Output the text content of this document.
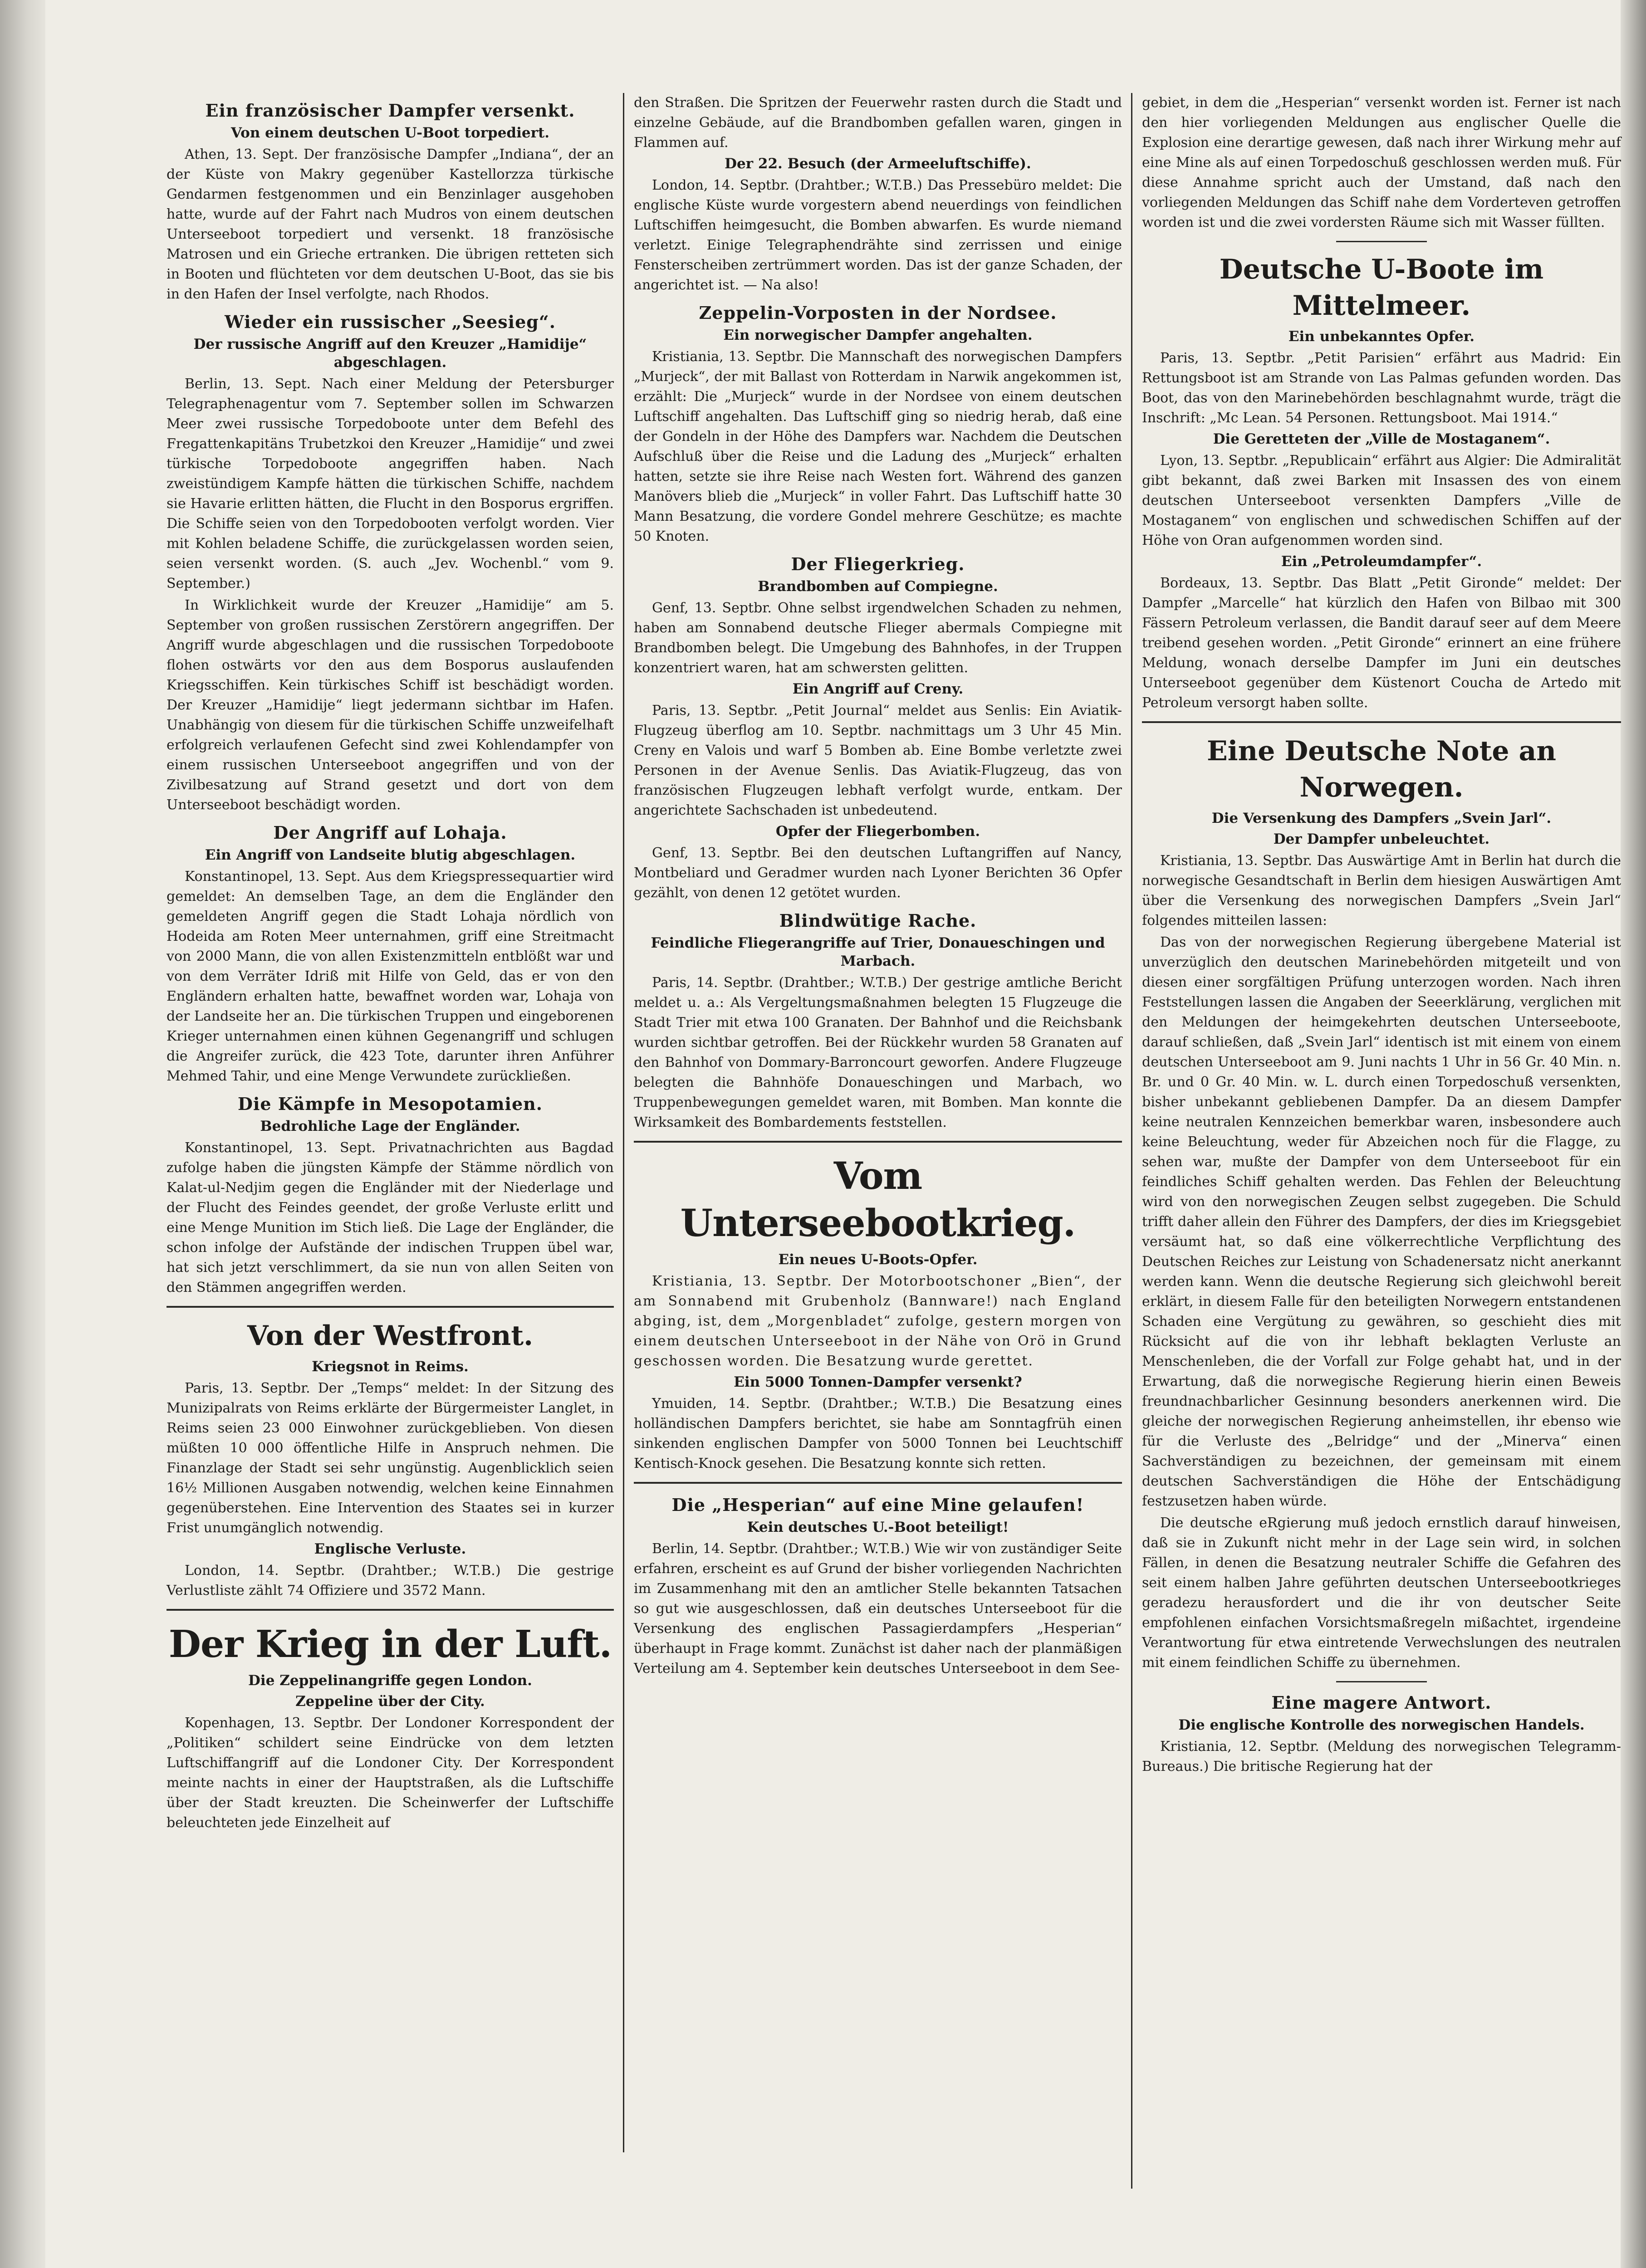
Ein französischer Dampfer versenkt.
Von einem deutschen U-Boot torpediert.

Athen, 13. Sept. Der französische Dampfer „Indiana“, der an der Küste von Makry gegenüber Kastellorzza türkische Gendarmen festgenommen und ein Benzinlager ausgehoben hatte, wurde auf der Fahrt nach Mudros von einem deutschen Unterseeboot torpediert und versenkt. 18 französische Matrosen und ein Grieche ertranken. Die übrigen retteten sich in Booten und flüchteten vor dem deutschen U-Boot, das sie bis in den Hafen der Insel verfolgte, nach Rhodos.

Wieder ein russischer „Seesieg“.
Der russische Angriff auf den Kreuzer „Hamidije“ abgeschlagen.

Berlin, 13. Sept. Nach einer Meldung der Petersburger Telegraphenagentur vom 7. September sollen im Schwarzen Meer zwei russische Torpedoboote unter dem Befehl des Fregattenkapitäns Trubetzkoi den Kreuzer „Hamidije“ und zwei türkische Torpedoboote angegriffen haben. Nach zweistündigem Kampfe hätten die türkischen Schiffe, nachdem sie Havarie erlitten hätten, die Flucht in den Bosporus ergriffen. Die Schiffe seien von den Torpedobooten verfolgt worden. Vier mit Kohlen beladene Schiffe, die zurückgelassen worden seien, seien versenkt worden. (S. auch „Jev. Wochenbl.“ vom 9. September.)

In Wirklichkeit wurde der Kreuzer „Hamidije“ am 5. September von großen russischen Zerstörern angegriffen. Der Angriff wurde abgeschlagen und die russischen Torpedoboote flohen ostwärts vor den aus dem Bosporus auslaufenden Kriegsschiffen. Kein türkisches Schiff ist beschädigt worden. Der Kreuzer „Hamidije“ liegt jedermann sichtbar im Hafen. Unabhängig von diesem für die türkischen Schiffe unzweifelhaft erfolgreich verlaufenen Gefecht sind zwei Kohlendampfer von einem russischen Unterseeboot angegriffen und von der Zivilbesatzung auf Strand gesetzt und dort von dem Unterseeboot beschädigt worden.

Der Angriff auf Lohaja.
Ein Angriff von Landseite blutig abgeschlagen.

Konstantinopel, 13. Sept. Aus dem Kriegspressequartier wird gemeldet: An demselben Tage, an dem die Engländer den gemeldeten Angriff gegen die Stadt Lohaja nördlich von Hodeida am Roten Meer unternahmen, griff eine Streitmacht von 2000 Mann, die von allen Existenzmitteln entblößt war und von dem Verräter Idriß mit Hilfe von Geld, das er von den Engländern erhalten hatte, bewaffnet worden war, Lohaja von der Landseite her an. Die türkischen Truppen und eingeborenen Krieger unternahmen einen kühnen Gegenangriff und schlugen die Angreifer zurück, die 423 Tote, darunter ihren Anführer Mehmed Tahir, und eine Menge Verwundete zurückließen.

Die Kämpfe in Mesopotamien.
Bedrohliche Lage der Engländer.

Konstantinopel, 13. Sept. Privatnachrichten aus Bagdad zufolge haben die jüngsten Kämpfe der Stämme nördlich von Kalat-ul-Nedjim gegen die Engländer mit der Niederlage und der Flucht des Feindes geendet, der große Verluste erlitt und eine Menge Munition im Stich ließ. Die Lage der Engländer, die schon infolge der Aufstände der indischen Truppen übel war, hat sich jetzt verschlimmert, da sie nun von allen Seiten von den Stämmen angegriffen werden.

Von der Westfront.
Kriegsnot in Reims.

Paris, 13. Septbr. Der „Temps“ meldet: In der Sitzung des Munizipalrats von Reims erklärte der Bürgermeister Langlet, in Reims seien 23 000 Einwohner zurückgeblieben. Von diesen müßten 10 000 öffentliche Hilfe in Anspruch nehmen. Die Finanzlage der Stadt sei sehr ungünstig. Augenblicklich seien 16½ Millionen Ausgaben notwendig, welchen keine Einnahmen gegenüberstehen. Eine Intervention des Staates sei in kurzer Frist unumgänglich notwendig.

Englische Verluste.

London, 14. Septbr. (Drahtber.; W.T.B.) Die gestrige Verlustliste zählt 74 Offiziere und 3572 Mann.

Der Krieg in der Luft.
Die Zeppelinangriffe gegen London.
Zeppeline über der City.

Kopenhagen, 13. Septbr. Der Londoner Korrespondent der „Politiken“ schildert seine Eindrücke von dem letzten Luftschiffangriff auf die Londoner City. Der Korrespondent meinte nachts in einer der Hauptstraßen, als die Luftschiffe über der Stadt kreuzten. Die Scheinwerfer der Luftschiffe beleuchteten jede Einzelheit auf

den Straßen. Die Spritzen der Feuerwehr rasten durch die Stadt und einzelne Gebäude, auf die Brandbomben gefallen waren, gingen in Flammen auf.

Der 22. Besuch (der Armeeluftschiffe).

London, 14. Septbr. (Drahtber.; W.T.B.) Das Pressebüro meldet: Die englische Küste wurde vorgestern abend neuerdings von feindlichen Luftschiffen heimgesucht, die Bomben abwarfen. Es wurde niemand verletzt. Einige Telegraphendrähte sind zerrissen und einige Fensterscheiben zertrümmert worden. Das ist der ganze Schaden, der angerichtet ist. — Na also!

Zeppelin-Vorposten in der Nordsee.
Ein norwegischer Dampfer angehalten.

Kristiania, 13. Septbr. Die Mannschaft des norwegischen Dampfers „Murjeck“, der mit Ballast von Rotterdam in Narwik angekommen ist, erzählt: Die „Murjeck“ wurde in der Nordsee von einem deutschen Luftschiff angehalten. Das Luftschiff ging so niedrig herab, daß eine der Gondeln in der Höhe des Dampfers war. Nachdem die Deutschen Aufschluß über die Reise und die Ladung des „Murjeck“ erhalten hatten, setzte sie ihre Reise nach Westen fort. Während des ganzen Manövers blieb die „Murjeck“ in voller Fahrt. Das Luftschiff hatte 30 Mann Besatzung, die vordere Gondel mehrere Geschütze; es machte 50 Knoten.

Der Fliegerkrieg.
Brandbomben auf Compiegne.

Genf, 13. Septbr. Ohne selbst irgendwelchen Schaden zu nehmen, haben am Sonnabend deutsche Flieger abermals Compiegne mit Brandbomben belegt. Die Umgebung des Bahnhofes, in der Truppen konzentriert waren, hat am schwersten gelitten.

Ein Angriff auf Creny.

Paris, 13. Septbr. „Petit Journal“ meldet aus Senlis: Ein Aviatik-Flugzeug überflog am 10. Septbr. nachmittags um 3 Uhr 45 Min. Creny en Valois und warf 5 Bomben ab. Eine Bombe verletzte zwei Personen in der Avenue Senlis. Das Aviatik-Flugzeug, das von französischen Flugzeugen lebhaft verfolgt wurde, entkam. Der angerichtete Sachschaden ist unbedeutend.

Opfer der Fliegerbomben.

Genf, 13. Septbr. Bei den deutschen Luftangriffen auf Nancy, Montbeliard und Geradmer wurden nach Lyoner Berichten 36 Opfer gezählt, von denen 12 getötet wurden.

Blindwütige Rache.
Feindliche Fliegerangriffe auf Trier, Donaueschingen und Marbach.

Paris, 14. Septbr. (Drahtber.; W.T.B.) Der gestrige amtliche Bericht meldet u. a.: Als Vergeltungsmaßnahmen belegten 15 Flugzeuge die Stadt Trier mit etwa 100 Granaten. Der Bahnhof und die Reichsbank wurden sichtbar getroffen. Bei der Rückkehr wurden 58 Granaten auf den Bahnhof von Dommary-Barroncourt geworfen. Andere Flugzeuge belegten die Bahnhöfe Donaueschingen und Marbach, wo Truppenbewegungen gemeldet waren, mit Bomben. Man konnte die Wirksamkeit des Bombardements feststellen.

Vom Unterseebootkrieg.
Ein neues U-Boots-Opfer.

Kristiania, 13. Septbr. Der Motorbootschoner „Bien“, der am Sonnabend mit Grubenholz (Bannware!) nach England abging, ist, dem „Morgenbladet“ zufolge, gestern morgen von einem deutschen Unterseeboot in der Nähe von Orö in Grund geschossen worden. Die Besatzung wurde gerettet.

Ein 5000 Tonnen-Dampfer versenkt?

Ymuiden, 14. Septbr. (Drahtber.; W.T.B.) Die Besatzung eines holländischen Dampfers berichtet, sie habe am Sonntagfrüh einen sinkenden englischen Dampfer von 5000 Tonnen bei Leuchtschiff Kentisch-Knock gesehen. Die Besatzung konnte sich retten.

Die „Hesperian“ auf eine Mine gelaufen!
Kein deutsches U.-Boot beteiligt!

Berlin, 14. Septbr. (Drahtber.; W.T.B.) Wie wir von zuständiger Seite erfahren, erscheint es auf Grund der bisher vorliegenden Nachrichten im Zusammenhang mit den an amtlicher Stelle bekannten Tatsachen so gut wie ausgeschlossen, daß ein deutsches Unterseeboot für die Versenkung des englischen Passagierdampfers „Hesperian“ überhaupt in Frage kommt. Zunächst ist daher nach der planmäßigen Verteilung am 4. September kein deutsches Unterseeboot in dem See-

gebiet, in dem die „Hesperian“ versenkt worden ist. Ferner ist nach den hier vorliegenden Meldungen aus englischer Quelle die Explosion eine derartige gewesen, daß nach ihrer Wirkung mehr auf eine Mine als auf einen Torpedoschuß geschlossen werden muß. Für diese Annahme spricht auch der Umstand, daß nach den vorliegenden Meldungen das Schiff nahe dem Vorderteven getroffen worden ist und die zwei vordersten Räume sich mit Wasser füllten.

Deutsche U-Boote im Mittelmeer.
Ein unbekanntes Opfer.

Paris, 13. Septbr. „Petit Parisien“ erfährt aus Madrid: Ein Rettungsboot ist am Strande von Las Palmas gefunden worden. Das Boot, das von den Marinebehörden beschlagnahmt wurde, trägt die Inschrift: „Mc Lean. 54 Personen. Rettungsboot. Mai 1914.“

Die Geretteten der „Ville de Mostaganem“.

Lyon, 13. Septbr. „Republicain“ erfährt aus Algier: Die Admiralität gibt bekannt, daß zwei Barken mit Insassen des von einem deutschen Unterseeboot versenkten Dampfers „Ville de Mostaganem“ von englischen und schwedischen Schiffen auf der Höhe von Oran aufgenommen worden sind.

Ein „Petroleumdampfer“.

Bordeaux, 13. Septbr. Das Blatt „Petit Gironde“ meldet: Der Dampfer „Marcelle“ hat kürzlich den Hafen von Bilbao mit 300 Fässern Petroleum verlassen, die Bandit darauf seer auf dem Meere treibend gesehen worden. „Petit Gironde“ erinnert an eine frühere Meldung, wonach derselbe Dampfer im Juni ein deutsches Unterseeboot gegenüber dem Küstenort Coucha de Artedo mit Petroleum versorgt haben sollte.

Eine Deutsche Note an Norwegen.
Die Versenkung des Dampfers „Svein Jarl“.
Der Dampfer unbeleuchtet.

Kristiania, 13. Septbr. Das Auswärtige Amt in Berlin hat durch die norwegische Gesandtschaft in Berlin dem hiesigen Auswärtigen Amt über die Versenkung des norwegischen Dampfers „Svein Jarl“ folgendes mitteilen lassen:

Das von der norwegischen Regierung übergebene Material ist unverzüglich den deutschen Marinebehörden mitgeteilt und von diesen einer sorgfältigen Prüfung unterzogen worden. Nach ihren Feststellungen lassen die Angaben der Seeerklärung, verglichen mit den Meldungen der heimgekehrten deutschen Unterseeboote, darauf schließen, daß „Svein Jarl“ identisch ist mit einem von einem deutschen Unterseeboot am 9. Juni nachts 1 Uhr in 56 Gr. 40 Min. n. Br. und 0 Gr. 40 Min. w. L. durch einen Torpedoschuß versenkten, bisher unbekannt gebliebenen Dampfer. Da an diesem Dampfer keine neutralen Kennzeichen bemerkbar waren, insbesondere auch keine Beleuchtung, weder für Abzeichen noch für die Flagge, zu sehen war, mußte der Dampfer von dem Unterseeboot für ein feindliches Schiff gehalten werden. Das Fehlen der Beleuchtung wird von den norwegischen Zeugen selbst zugegeben. Die Schuld trifft daher allein den Führer des Dampfers, der dies im Kriegsgebiet versäumt hat, so daß eine völkerrechtliche Verpflichtung des Deutschen Reiches zur Leistung von Schadenersatz nicht anerkannt werden kann. Wenn die deutsche Regierung sich gleichwohl bereit erklärt, in diesem Falle für den beteiligten Norwegern entstandenen Schaden eine Vergütung zu gewähren, so geschieht dies mit Rücksicht auf die von ihr lebhaft beklagten Verluste an Menschenleben, die der Vorfall zur Folge gehabt hat, und in der Erwartung, daß die norwegische Regierung hierin einen Beweis freundnachbarlicher Gesinnung besonders anerkennen wird. Die gleiche der norwegischen Regierung anheimstellen, ihr ebenso wie für die Verluste des „Belridge“ und der „Minerva“ einen Sachverständigen zu bezeichnen, der gemeinsam mit einem deutschen Sachverständigen die Höhe der Entschädigung festzusetzen haben würde.

Die deutsche eRgierung muß jedoch ernstlich darauf hinweisen, daß sie in Zukunft nicht mehr in der Lage sein wird, in solchen Fällen, in denen die Besatzung neutraler Schiffe die Gefahren des seit einem halben Jahre geführten deutschen Unterseebootkrieges geradezu herausfordert und die ihr von deutscher Seite empfohlenen einfachen Vorsichtsmaßregeln mißachtet, irgendeine Verantwortung für etwa eintretende Verwechslungen des neutralen mit einem feindlichen Schiffe zu übernehmen.

Eine magere Antwort.
Die englische Kontrolle des norwegischen Handels.

Kristiania, 12. Septbr. (Meldung des norwegischen Telegramm-Bureaus.) Die britische Regierung hat der
